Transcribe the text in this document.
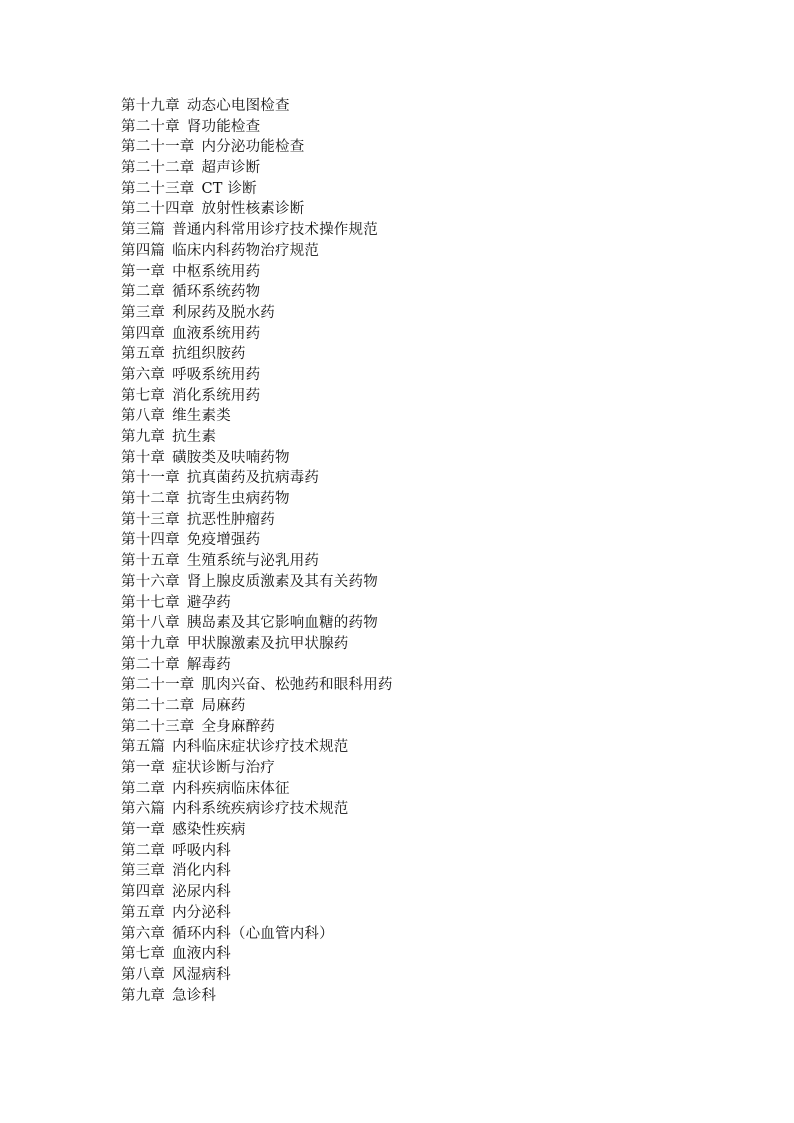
第十九章 动态心电图检查
第二十章 肾功能检查
第二十一章 内分泌功能检查
第二十二章 超声诊断
第二十三章 CT 诊断
第二十四章 放射性核素诊断
第三篇 普通内科常用诊疗技术操作规范
第四篇 临床内科药物治疗规范
第一章 中枢系统用药
第二章 循环系统药物
第三章 利尿药及脱水药
第四章 血液系统用药
第五章 抗组织胺药
第六章 呼吸系统用药
第七章 消化系统用药
第八章 维生素类
第九章 抗生素
第十章 磺胺类及呋喃药物
第十一章 抗真菌药及抗病毒药
第十二章 抗寄生虫病药物
第十三章 抗恶性肿瘤药
第十四章 免疫增强药
第十五章 生殖系统与泌乳用药
第十六章 肾上腺皮质激素及其有关药物
第十七章 避孕药
第十八章 胰岛素及其它影响血糖的药物
第十九章 甲状腺激素及抗甲状腺药
第二十章 解毒药
第二十一章 肌肉兴奋、松弛药和眼科用药
第二十二章 局麻药
第二十三章 全身麻醉药
第五篇 内科临床症状诊疗技术规范
第一章 症状诊断与治疗
第二章 内科疾病临床体征
第六篇 内科系统疾病诊疗技术规范
第一章 感染性疾病
第二章 呼吸内科
第三章 消化内科
第四章 泌尿内科
第五章 内分泌科
第六章 循环内科（心血管内科）
第七章 血液内科
第八章 风湿病科
第九章 急诊科
